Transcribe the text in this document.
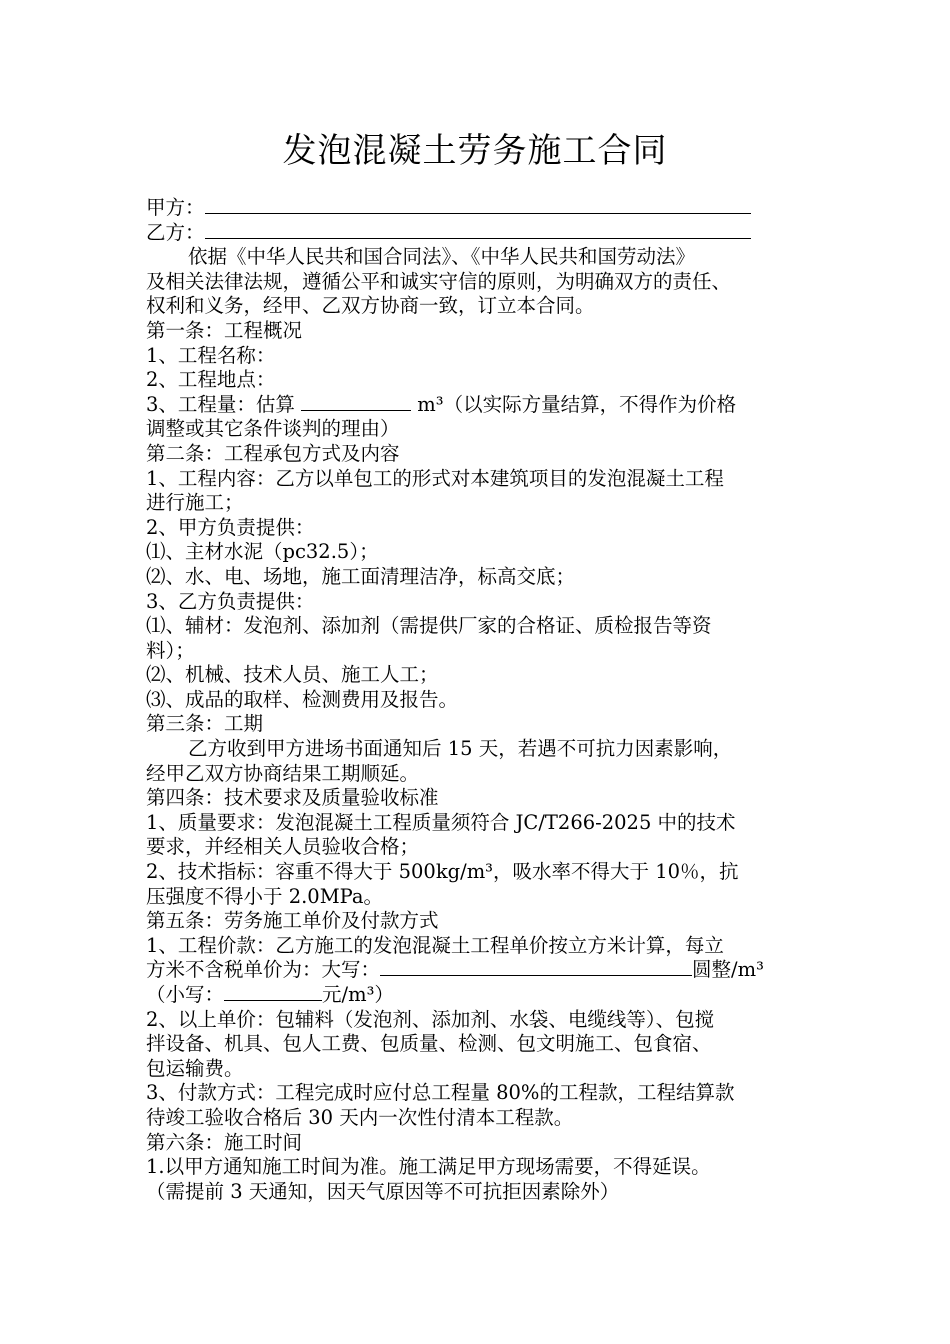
发泡混凝土劳务施工合同

甲方：

乙方：

依据《中华人民共和国合同法》、《中华人民共和国劳动法》

及相关法律法规，遵循公平和诚实守信的原则，为明确双方的责任、

权利和义务，经甲、乙双方协商一致，订立本合同。

第一条：工程概况

1、工程名称：

2、工程地点：

3、工程量：估算	m³（以实际方量结算，不得作为价格

调整或其它条件谈判的理由）

第二条：工程承包方式及内容

1、工程内容：乙方以单包工的形式对本建筑项目的发泡混凝土工程

进行施工；

2、甲方负责提供：

⑴、主材水泥（pc32.5）；

⑵、水、电、场地，施工面清理洁净，标高交底；

3、乙方负责提供：

⑴、辅材：发泡剂、添加剂（需提供厂家的合格证、质检报告等资

料）；

⑵、机械、技术人员、施工人工；

⑶、成品的取样、检测费用及报告。

第三条：工期

乙方收到甲方进场书面通知后 15 天，若遇不可抗力因素影响，

经甲乙双方协商结果工期顺延。

第四条：技术要求及质量验收标准

1、质量要求：发泡混凝土工程质量须符合 JC/T266-2025 中的技术

要求，并经相关人员验收合格；

2、技术指标：容重不得大于 500kg/m³，吸水率不得大于 10％，抗

压强度不得小于 2.0MPa。

第五条：劳务施工单价及付款方式

1、工程价款：乙方施工的发泡混凝土工程单价按立方米计算，每立

方米不含税单价为：大写：	圆整/m³

（小写：	元/m³）

2、以上单价：包辅料（发泡剂、添加剂、水袋、电缆线等）、包搅

拌设备、机具、包人工费、包质量、检测、包文明施工、包食宿、

包运输费。

3、付款方式：工程完成时应付总工程量 80%的工程款，工程结算款

待竣工验收合格后 30 天内一次性付清本工程款。

第六条：施工时间

1.以甲方通知施工时间为准。施工满足甲方现场需要，不得延误。

（需提前 3 天通知，因天气原因等不可抗拒因素除外）
